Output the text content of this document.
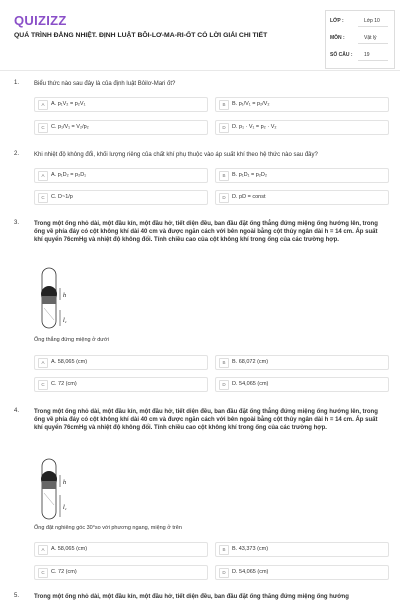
QUIZIZZ
QUÁ TRÌNH ĐẲNG NHIỆT. ĐỊNH LUẬT BÔI-LƠ-MA-RI-ỐT CÓ LỜI GIẢI CHI TIẾT
LỚP :	Lớp 10
MÔN :	Vật lý
SỐ CÂU : 19
1. Biểu thức nào sau đây là của định luật Bôilơ-Mari ốt?
A	A. p₁V₂ = p₂V₁	B	B. p₁/V₁ = p₂/V₂
C	C. p₁/V₁ = V₂/p₂	D	D. p₁ · V₁ = p₂ · V₂
2. Khi nhiệt độ không đổi, khối lượng riêng của chất khí phụ thuộc vào áp suất khí theo hệ thức nào sau đây?
A	A. p₁D₂ = p₂D₁	B	B. p₁D₁ = p₂D₂
C	C. D~1/p	D	D. pD = const
3. Trong một ống nhỏ dài, một đầu kín, một đầu hở, tiết diện đều, ban đầu đặt ống thẳng đứng miệng ống hướng lên, trong ống về phía đáy có cột không khí dài 40 cm và được ngăn cách với bên ngoài bằng cột thủy ngân dài h = 14 cm. Áp suất khí quyển 76cmHg và nhiệt độ không đổi. Tính chiều cao của cột không khí trong ống của các trường hợp.
h
l₁
Ống thẳng đứng miệng ở dưới
A	A. 58,065 (cm)	B	B. 68,072 (cm)
C	C. 72 (cm)	D	D. 54,065 (cm)
4. Trong một ống nhỏ dài, một đầu kín, một đầu hở, tiết diện đều, ban đầu đặt ống thẳng đứng miệng ống hướng lên, trong ống về phía đáy có cột không khí dài 40 cm và được ngăn cách với bên ngoài bằng cột thủy ngân dài h = 14 cm. Áp suất khí quyển 76cmHg và nhiệt độ không đổi. Tính chiều cao cột không khí trong ống của các trường hợp.
h
l₁
Ống đặt nghiêng góc 30°so với phương ngang, miệng ở trên
A	A. 58,065 (cm)	B	B. 43,373 (cm)
C	C. 72 (cm)	D	D. 54,065 (cm)
5. Trong một ống nhỏ dài, một đầu kín, một đầu hở, tiết diện đều, ban đầu đặt ống thẳng đứng miệng ống hướng
